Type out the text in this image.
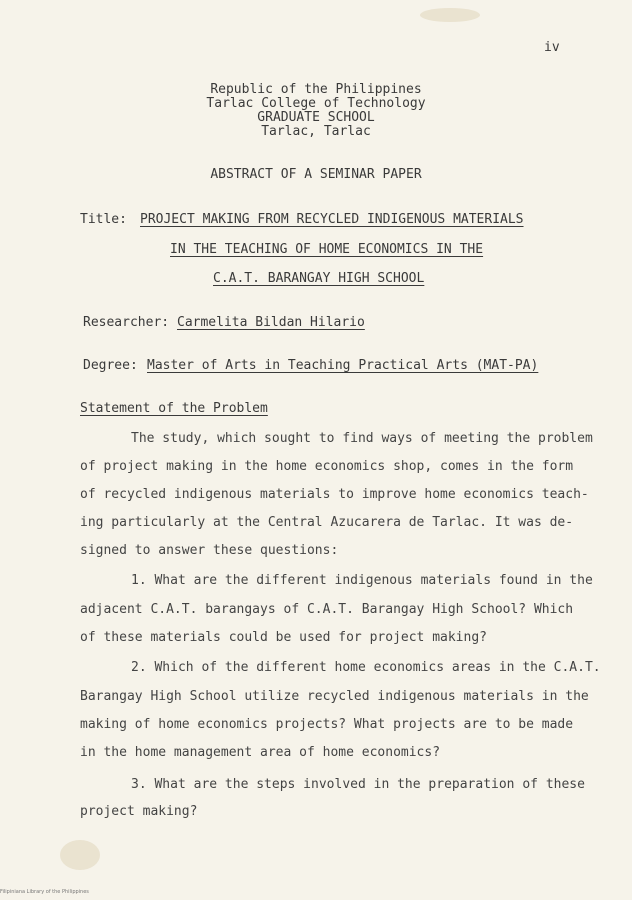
iv
Republic of the Philippines
Tarlac College of Technology
GRADUATE SCHOOL
Tarlac, Tarlac
ABSTRACT OF A SEMINAR PAPER
Title: PROJECT MAKING FROM RECYCLED INDIGENOUS MATERIALS
IN THE TEACHING OF HOME ECONOMICS IN THE
C.A.T. BARANGAY HIGH SCHOOL
Researcher: Carmelita Bildan Hilario
Degree: Master of Arts in Teaching Practical Arts (MAT-PA)
Statement of the Problem
The study, which sought to find ways of meeting the problem
of project making in the home economics shop, comes in the form
of recycled indigenous materials to improve home economics teach-
ing particularly at the Central Azucarera de Tarlac. It was de-
signed to answer these questions:
1. What are the different indigenous materials found in the
adjacent C.A.T. barangays of C.A.T. Barangay High School? Which
of these materials could be used for project making?
2. Which of the different home economics areas in the C.A.T.
Barangay High School utilize recycled indigenous materials in the
making of home economics projects? What projects are to be made
in the home management area of home economics?
3. What are the steps involved in the preparation of these
project making?
Filipiniana Library of the Philippines
